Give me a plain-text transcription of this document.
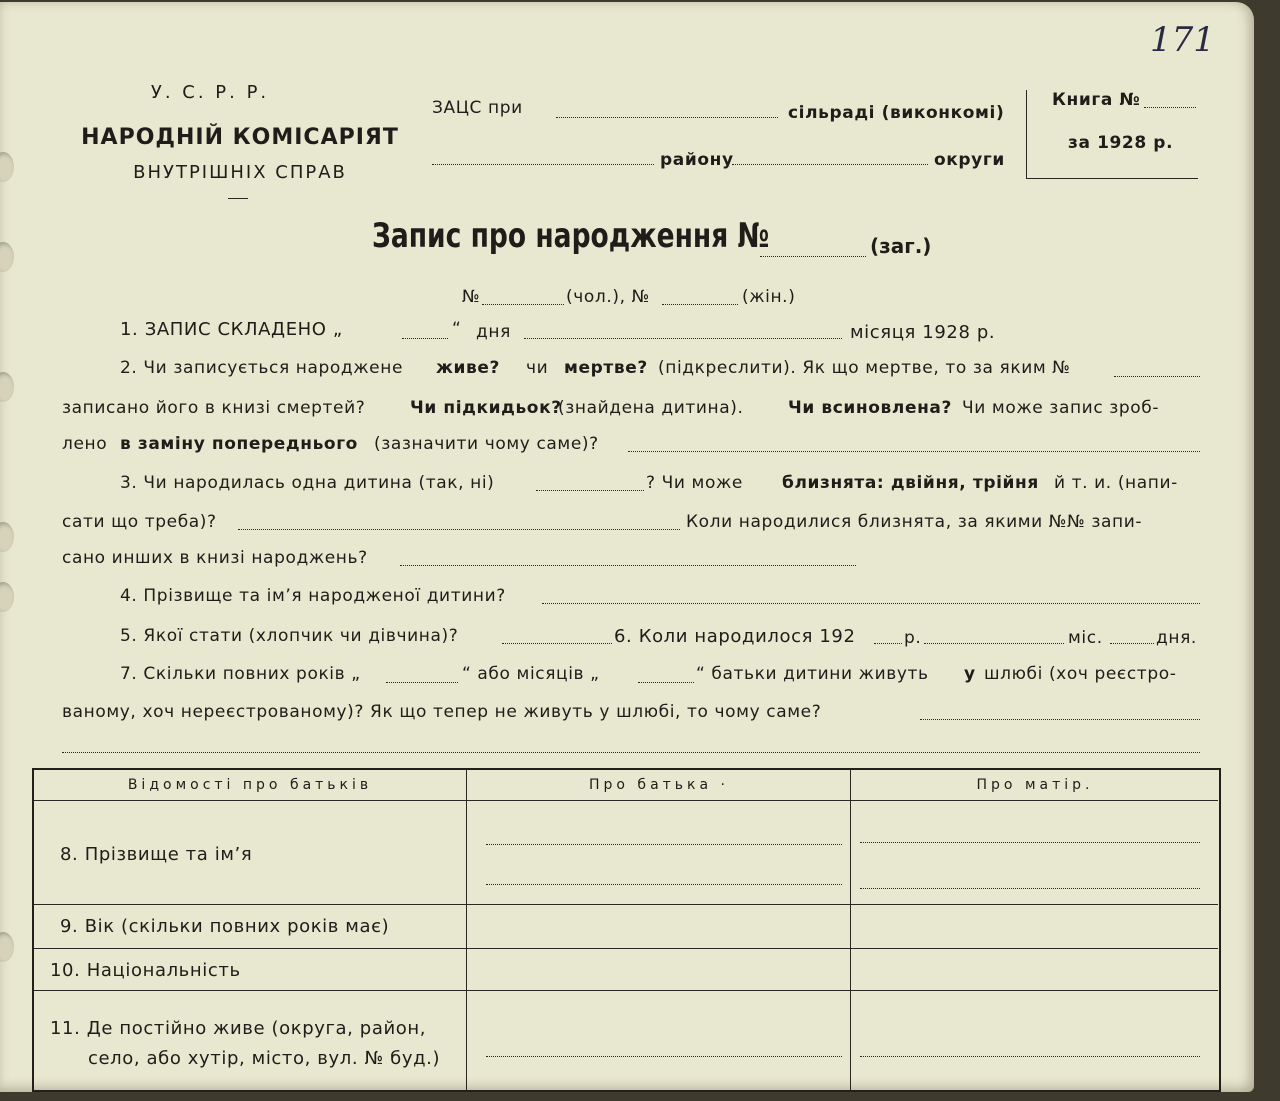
171
У. С. Р. Р.
НАРОДНІЙ КОМІСАРІЯТ
ВНУТРІШНІХ СПРАВ
ЗАЦС при	сільраді (виконкомі)
району	округи
Книга №
за 1928 р.
Запис про народження №	(заг.)
№	(чол.), №	(жін.)
1. ЗАПИС СКЛАДЕНО „	“ дня	місяця 1928 р.
2. Чи записується народжене живе? чи мертве? (підкреслити). Як що мертве, то за яким №
записано його в книзі смертей?	Чи підкидьок?
(знайдена дитина).	Чи всиновлена? Чи може запис зроб-
лено в заміну попереднього (зазначити чому саме)?
3. Чи народилась одна дитина (так, ні)	? Чи може близнята: двійня, трійня й т. и. (напи-
сати що треба)?	Коли народилися близнята, за якими №№ запи-
сано инших в книзі народжень?
4. Прізвище та ім’я народженої дитини?
5. Якої стати (хлопчик чи дівчина)?	6. Коли народилося 192	р.	міс.	дня.
7. Скільки повних років „	“ або місяців „	“ батьки дитини живуть у шлюбі (хоч реєстро-
ваному, хоч нереєстрованому)? Як що тепер не живуть у шлюбі, то чому саме?
Відомості про батьків	Про батька ·	Про матір.
8. Прізвище та ім’я
9. Вік (скільки повних років має)
10. Національність
11. Де постійно живе (округа, район,
село, або хутір, місто, вул. № буд.)
